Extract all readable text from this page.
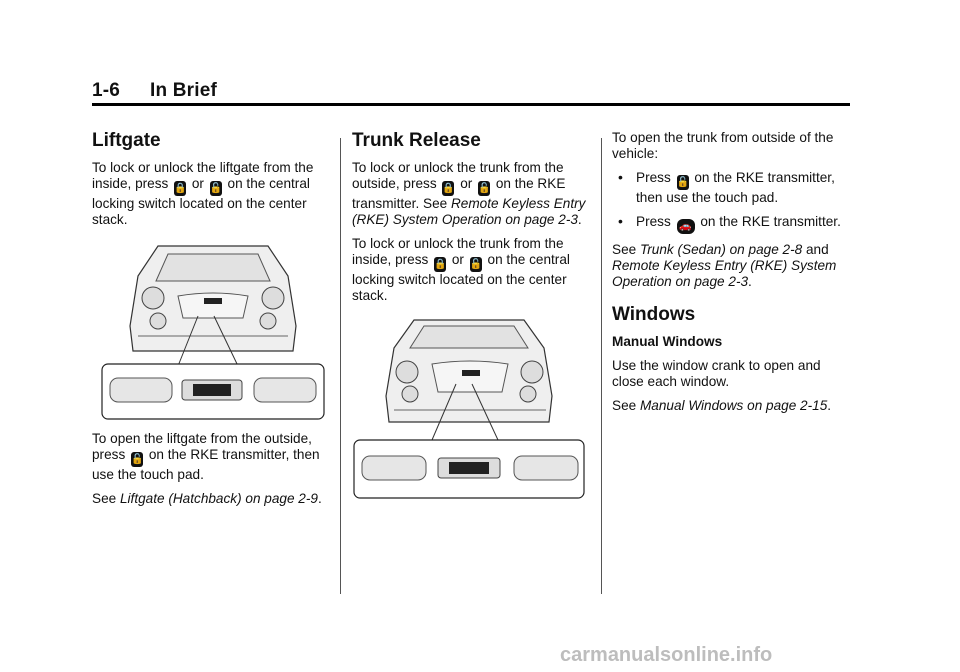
1-6 In Brief
Liftgate

To lock or unlock the liftgate from the inside, press 🔒 or 🔓 on the central locking switch located on the center stack.

To open the liftgate from the outside, press 🔓 on the RKE transmitter, then use the touch pad.

See Liftgate (Hatchback) on page 2-9.

Trunk Release

To lock or unlock the trunk from the outside, press 🔒 or 🔓 on the RKE transmitter. See Remote Keyless Entry (RKE) System Operation on page 2-3.

To lock or unlock the trunk from the inside, press 🔒 or 🔓 on the central locking switch located on the center stack.

To open the trunk from outside of the vehicle:

• Press 🔓 on the RKE transmitter, then use the touch pad.

• Press 🚗 on the RKE transmitter.

See Trunk (Sedan) on page 2-8 and Remote Keyless Entry (RKE) System Operation on page 2-3.

Windows
Manual Windows

Use the window crank to open and close each window.

See Manual Windows on page 2-15.

carmanualsonline.info
